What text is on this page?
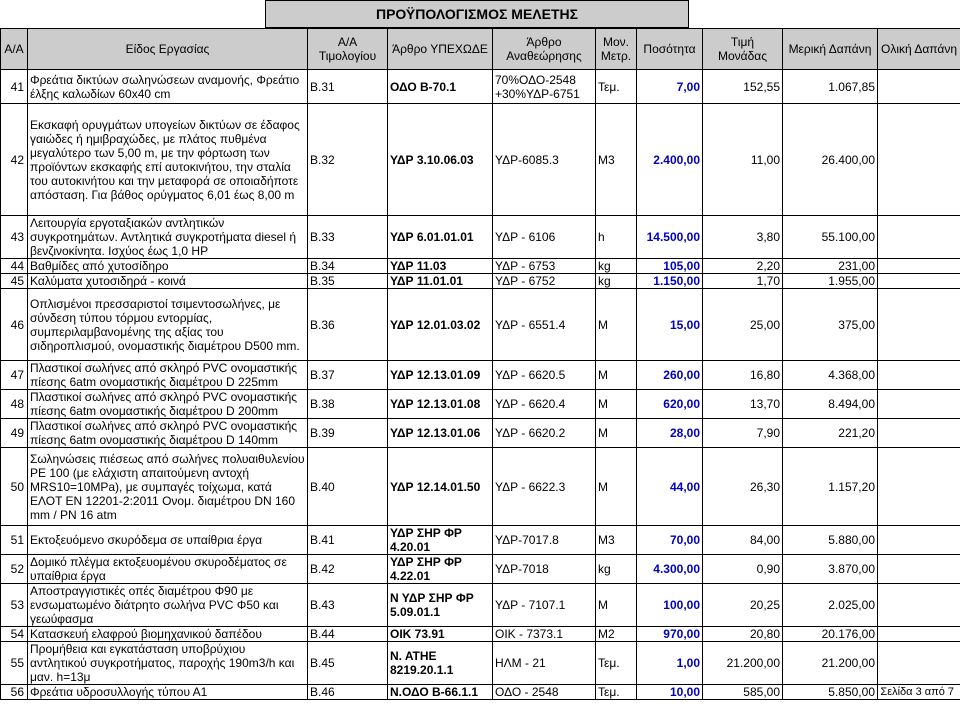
ΠΡΟΫΠΟΛΟΓΙΣΜΟΣ ΜΕΛΕΤΗΣ
Α/Α	Είδος Εργασίας	Α/Α Τιμολογίου	Άρθρο ΥΠΕΧΩΔΕ	Άρθρο Αναθεώρησης	Μον. Μετρ.	Ποσότητα	Τιμή Μονάδας	Μερική Δαπάνη	Ολική Δαπάνη
41	Φρεάτια δικτύων σωληνώσεων αναμονής, Φρεάτιο έλξης καλωδίων 60x40 cm	Β.31	ΟΔΟ Β-70.1	70%ΟΔΟ-2548 +30%ΥΔΡ-6751	Τεμ.	7,00	152,55	1.067,85	
42	Εκσκαφή ορυγμάτων υπογείων δικτύων σε έδαφος γαιώδες ή ημιβραχώδες, με πλάτος πυθμένα μεγαλύτερο των 5,00 m, με την φόρτωση των προϊόντων εκσκαφής επί αυτοκινήτου, την σταλία του αυτοκινήτου και την μεταφορά σε οποιαδήποτε απόσταση. Για βάθος ορύγματος 6,01 έως 8,00 m	Β.32	ΥΔΡ 3.10.06.03	ΥΔΡ-6085.3	Μ3	2.400,00	11,00	26.400,00	
43	Λειτουργία εργοταξιακών αντλητικών συγκροτημάτων. Αντλητικά συγκροτήματα diesel ή βενζινοκίνητα. Ισχύος έως 1,0 HP	Β.33	ΥΔΡ 6.01.01.01	ΥΔΡ - 6106	h	14.500,00	3,80	55.100,00	
44	Βαθμίδες από χυτοσίδηρο	Β.34	ΥΔΡ 11.03	ΥΔΡ - 6753	kg	105,00	2,20	231,00	
45	Καλύματα χυτοσιδηρά - κοινά	Β.35	ΥΔΡ 11.01.01	ΥΔΡ - 6752	kg	1.150,00	1,70	1.955,00	
46	Οπλισμένοι πρεσσαριστοί τσιμεντοσωλήνες, με σύνδεση τύπου τόρμου εντορμίας, συμπεριλαμβανομένης της αξίας του σιδηροπλισμού, ονομαστικής διαμέτρου D500 mm.	Β.36	ΥΔΡ 12.01.03.02	ΥΔΡ - 6551.4	Μ	15,00	25,00	375,00	
47	Πλαστικοί σωλήνες από σκληρό PVC ονομαστικής πίεσης 6atm ονομαστικής διαμέτρου D 225mm	Β.37	ΥΔΡ 12.13.01.09	ΥΔΡ - 6620.5	Μ	260,00	16,80	4.368,00	
48	Πλαστικοί σωλήνες από σκληρό PVC ονομαστικής πίεσης 6atm ονομαστικής διαμέτρου D 200mm	Β.38	ΥΔΡ 12.13.01.08	ΥΔΡ - 6620.4	Μ	620,00	13,70	8.494,00	
49	Πλαστικοί σωλήνες από σκληρό PVC ονομαστικής πίεσης 6atm ονομαστικής διαμέτρου D 140mm	Β.39	ΥΔΡ 12.13.01.06	ΥΔΡ - 6620.2	Μ	28,00	7,90	221,20	
50	Σωληνώσεις πιέσεως από σωλήνες πολυαιθυλενίου PE 100 (με ελάχιστη απαιτούμενη αντοχή MRS10=10MPa), με συμπαγές τοίχωμα, κατά ΕΛΟΤ EN 12201-2:2011 Ονομ. διαμέτρου DN 160 mm / PN 16 atm	Β.40	ΥΔΡ 12.14.01.50	ΥΔΡ - 6622.3	Μ	44,00	26,30	1.157,20	
51	Εκτοξευόμενο σκυρόδεμα σε υπαίθρια έργα	Β.41	ΥΔΡ ΣΗΡ ΦΡ 4.20.01	ΥΔΡ-7017.8	Μ3	70,00	84,00	5.880,00	
52	Δομικό πλέγμα εκτοξευομένου σκυροδέματος σε υπαίθρια έργα	Β.42	ΥΔΡ ΣΗΡ ΦΡ 4.22.01	ΥΔΡ-7018	kg	4.300,00	0,90	3.870,00	
53	Αποστραγγιστικές οπές διαμέτρου Φ90 με ενσωματωμένο διάτρητο σωλήνα PVC Φ50 και γεωύφασμα	Β.43	Ν ΥΔΡ ΣΗΡ ΦΡ 5.09.01.1	ΥΔΡ - 7107.1	Μ	100,00	20,25	2.025,00	
54	Κατασκευή ελαφρού βιομηχανικού δαπέδου	Β.44	ΟΙΚ 73.91	ΟΙΚ - 7373.1	Μ2	970,00	20,80	20.176,00	
55	Προμήθεια και εγκατάσταση υποβρύχιου αντλητικού συγκροτήματος, παροχής 190m3/h και μαν. h=13μ	Β.45	Ν. ΑΤΗΕ 8219.20.1.1	ΗΛΜ - 21	Τεμ.	1,00	21.200,00	21.200,00	
56	Φρεάτια υδροσυλλογής τύπου Α1	Β.46	Ν.ΟΔΟ Β-66.1.1	ΟΔΟ - 2548	Τεμ.	10,00	585,00	5.850,00	Σελίδα 3 από 7
